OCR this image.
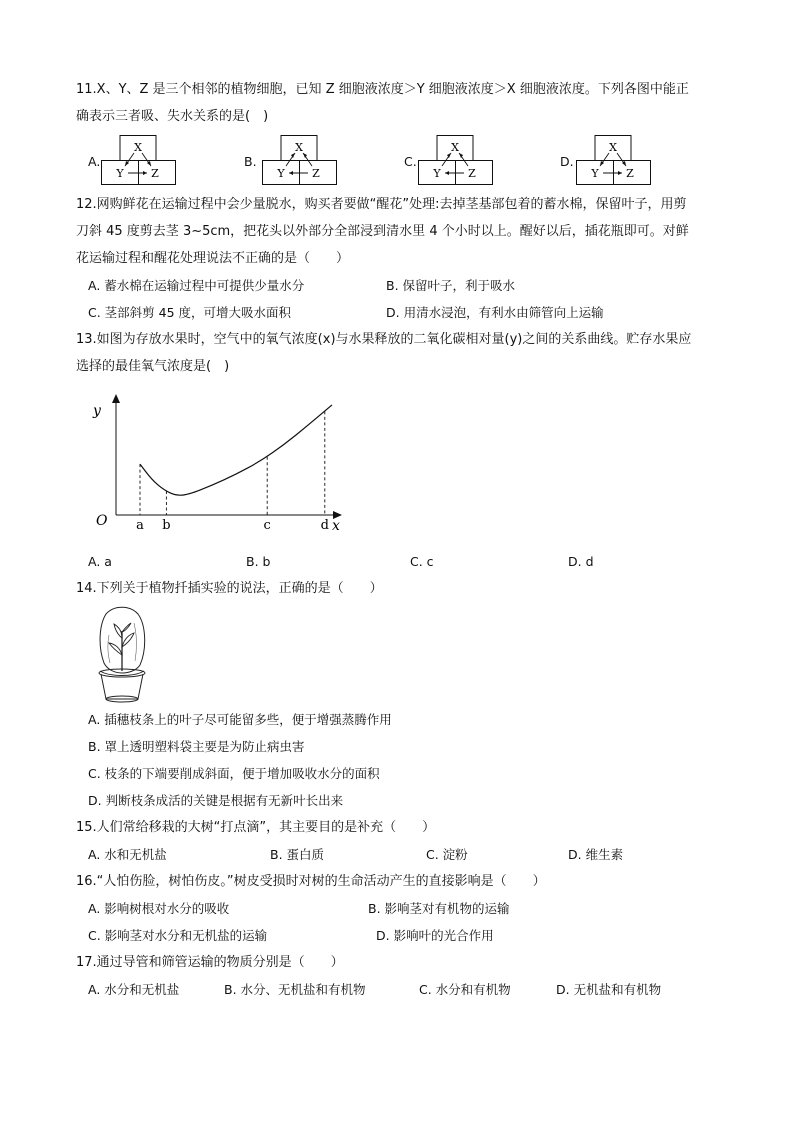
11.X、Y、Z 是三个相邻的植物细胞，已知 Z 细胞液浓度＞Y 细胞液浓度＞X 细胞液浓度。下列各图中能正
确表示三者吸、失水关系的是(　)
A.
X
Y	Z
B.
X
Y	Z
C.
X
Y	Z
D.
X
Y	Z
12.网购鲜花在运输过程中会少量脱水，购买者要做“醒花”处理:去掉茎基部包着的蓄水棉，保留叶子，用剪
刀斜 45 度剪去茎 3~5cm，把花头以外部分全部浸到清水里 4 个小时以上。醒好以后，插花瓶即可。对鲜
花运输过程和醒花处理说法不正确的是（　　）
A. 蓄水棉在运输过程中可提供少量水分	B. 保留叶子，利于吸水
C. 茎部斜剪 45 度，可增大吸水面积	D. 用清水浸泡，有利水由筛管向上运输
13.如图为存放水果时，空气中的氧气浓度(x)与水果释放的二氧化碳相对量(y)之间的关系曲线。贮存水果应
选择的最佳氧气浓度是(　)
y
x
O a b	c	d
A. a	B. b	C. c	D. d
14.下列关于植物扦插实验的说法，正确的是（　　）
A. 插穗枝条上的叶子尽可能留多些，便于增强蒸腾作用
B. 罩上透明塑料袋主要是为防止病虫害
C. 枝条的下端要削成斜面，便于增加吸收水分的面积
D. 判断枝条成活的关键是根据有无新叶长出来
15.人们常给移栽的大树“打点滴”，其主要目的是补充（　　）
A. 水和无机盐	B. 蛋白质	C. 淀粉	D. 维生素
16.“人怕伤脸，树怕伤皮。”树皮受损时对树的生命活动产生的直接影响是（　　）
A. 影响树根对水分的吸收	B. 影响茎对有机物的运输
C. 影响茎对水分和无机盐的运输	D. 影响叶的光合作用
17.通过导管和筛管运输的物质分别是（　　）
A. 水分和无机盐	B. 水分、无机盐和有机物	C. 水分和有机物	D. 无机盐和有机物
